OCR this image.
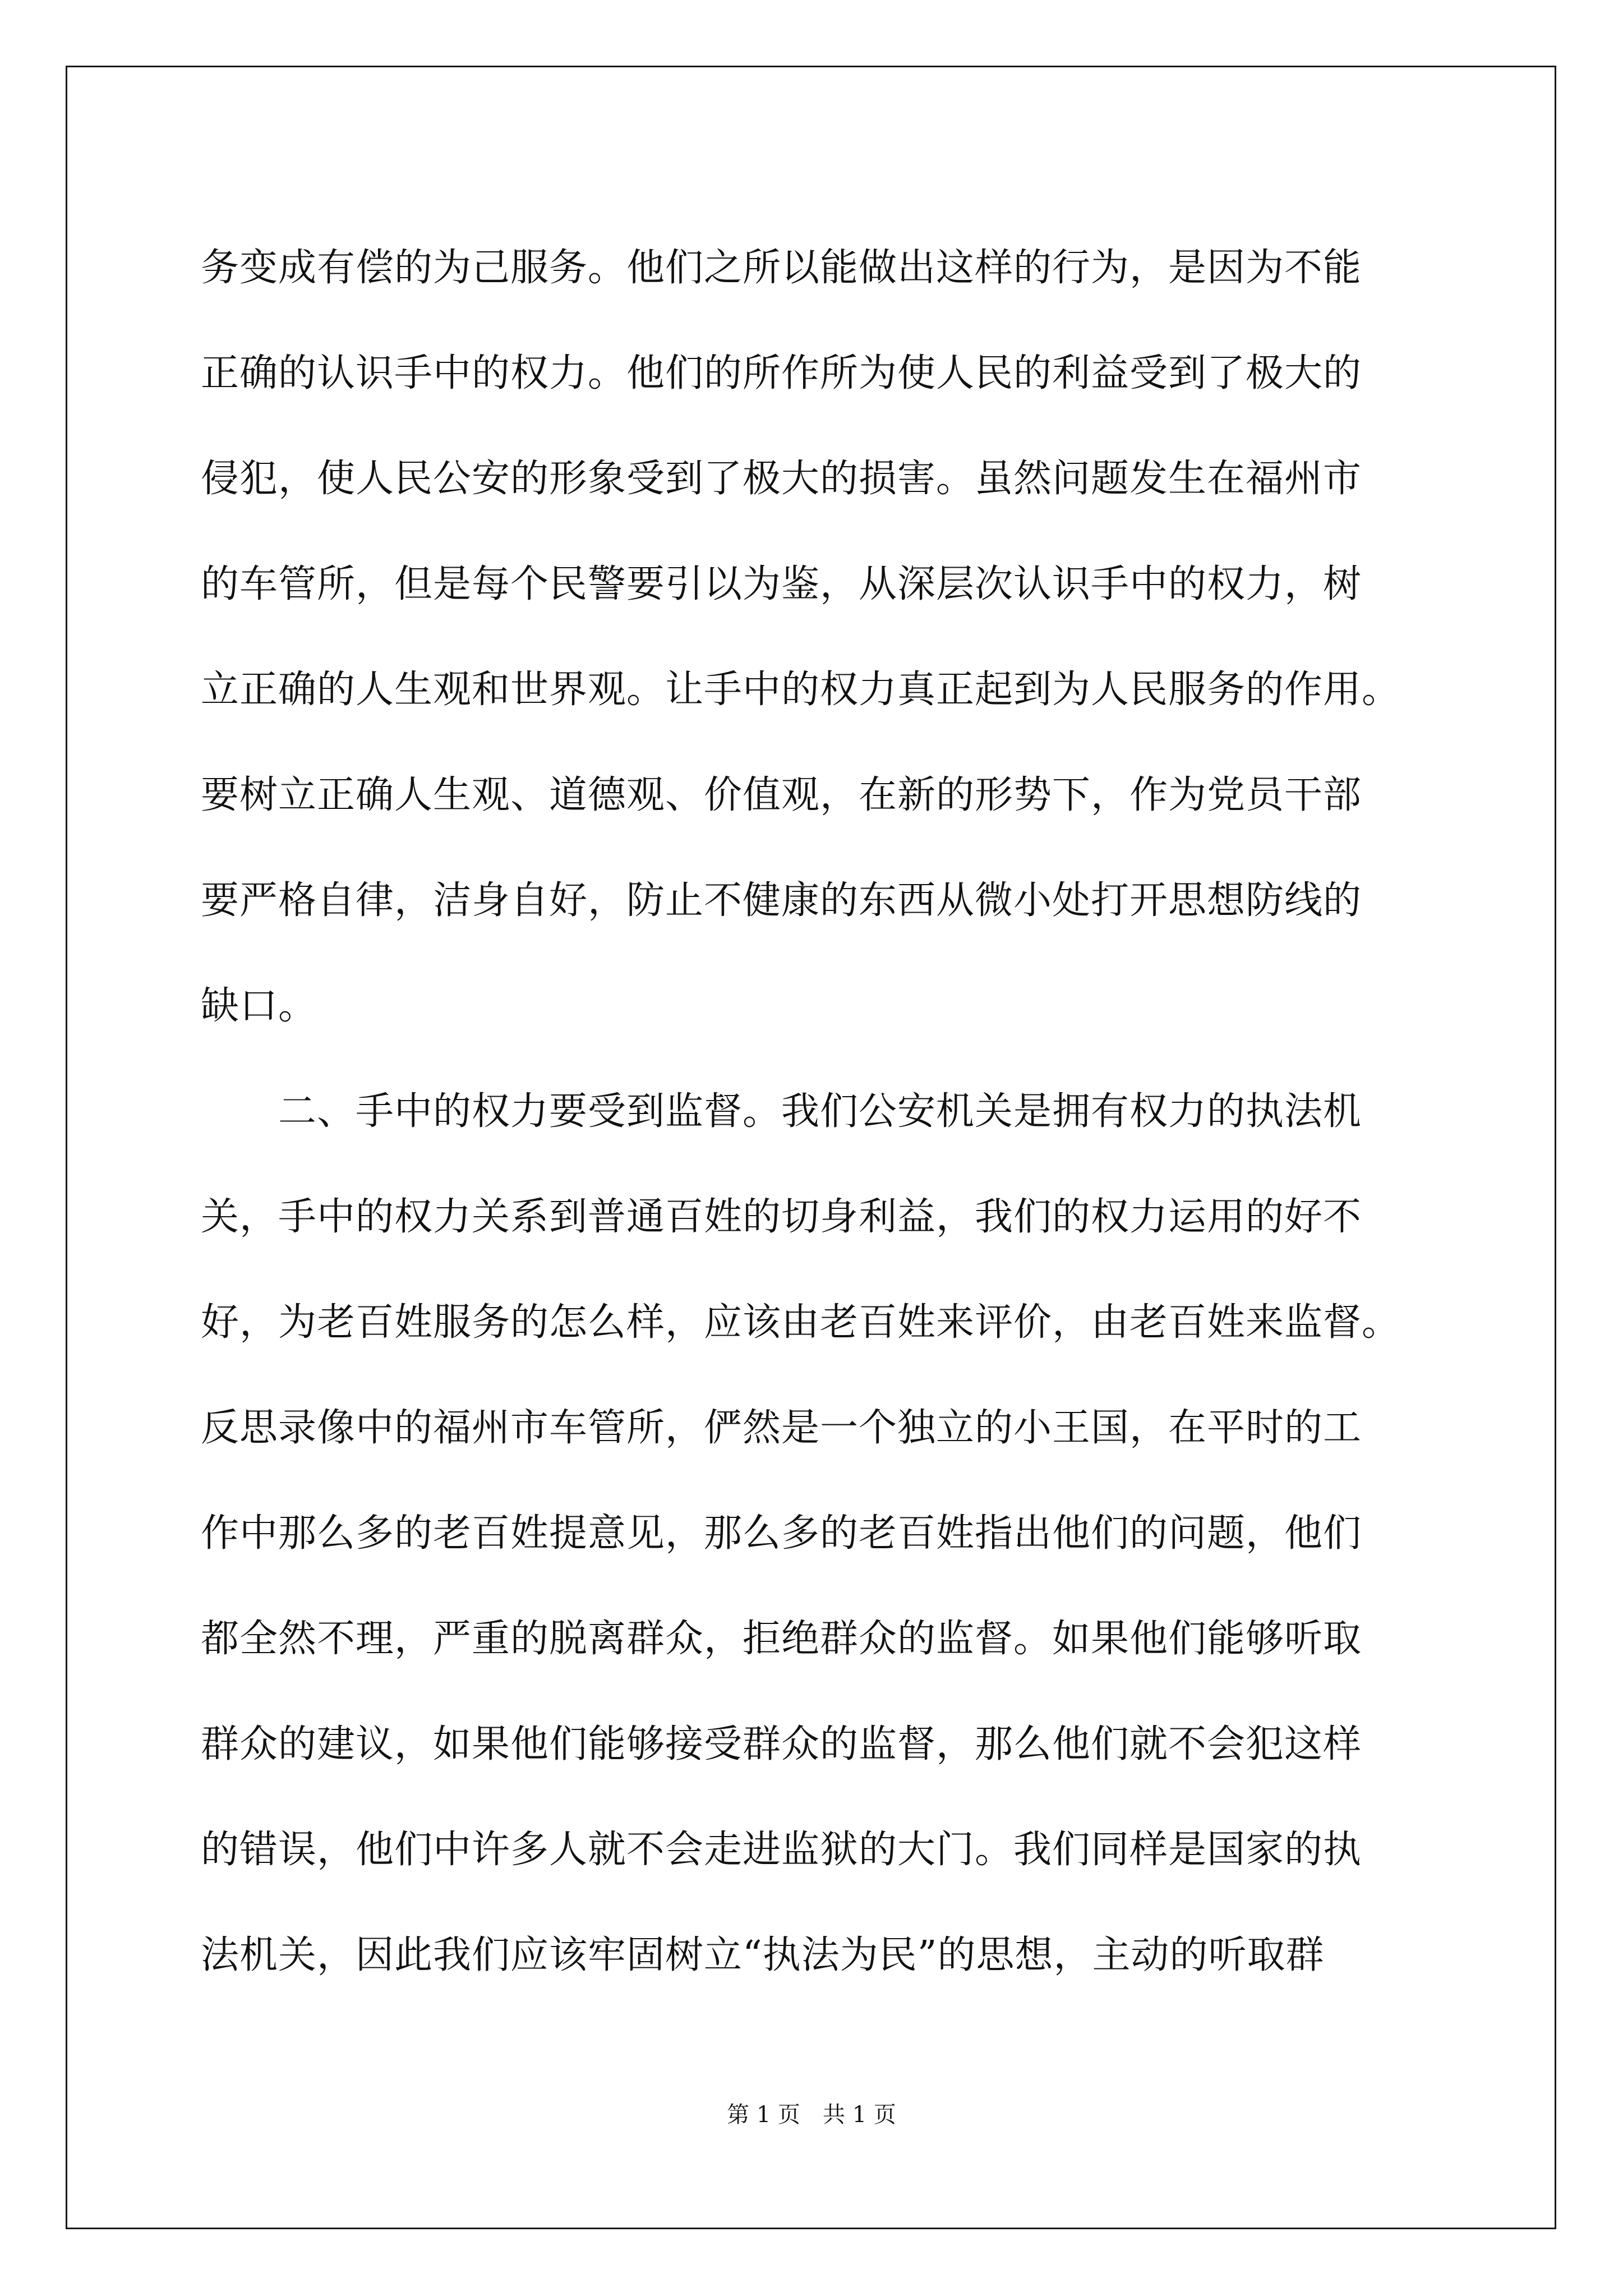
务变成有偿的为己服务。他们之所以能做出这样的行为，是因为不能
正确的认识手中的权力。他们的所作所为使人民的利益受到了极大的
侵犯，使人民公安的形象受到了极大的损害。虽然问题发生在福州市
的车管所，但是每个民警要引以为鉴，从深层次认识手中的权力，树
立正确的人生观和世界观。让手中的权力真正起到为人民服务的作用。
要树立正确人生观、道德观、价值观，在新的形势下，作为党员干部
要严格自律，洁身自好，防止不健康的东西从微小处打开思想防线的
缺口。
　　二、手中的权力要受到监督。我们公安机关是拥有权力的执法机
关，手中的权力关系到普通百姓的切身利益，我们的权力运用的好不
好，为老百姓服务的怎么样，应该由老百姓来评价，由老百姓来监督。
反思录像中的福州市车管所，俨然是一个独立的小王国，在平时的工
作中那么多的老百姓提意见，那么多的老百姓指出他们的问题，他们
都全然不理，严重的脱离群众，拒绝群众的监督。如果他们能够听取
群众的建议，如果他们能够接受群众的监督，那么他们就不会犯这样
的错误，他们中许多人就不会走进监狱的大门。我们同样是国家的执
法机关，因此我们应该牢固树立“执法为民”的思想，主动的听取群
第 1 页　共 1 页
